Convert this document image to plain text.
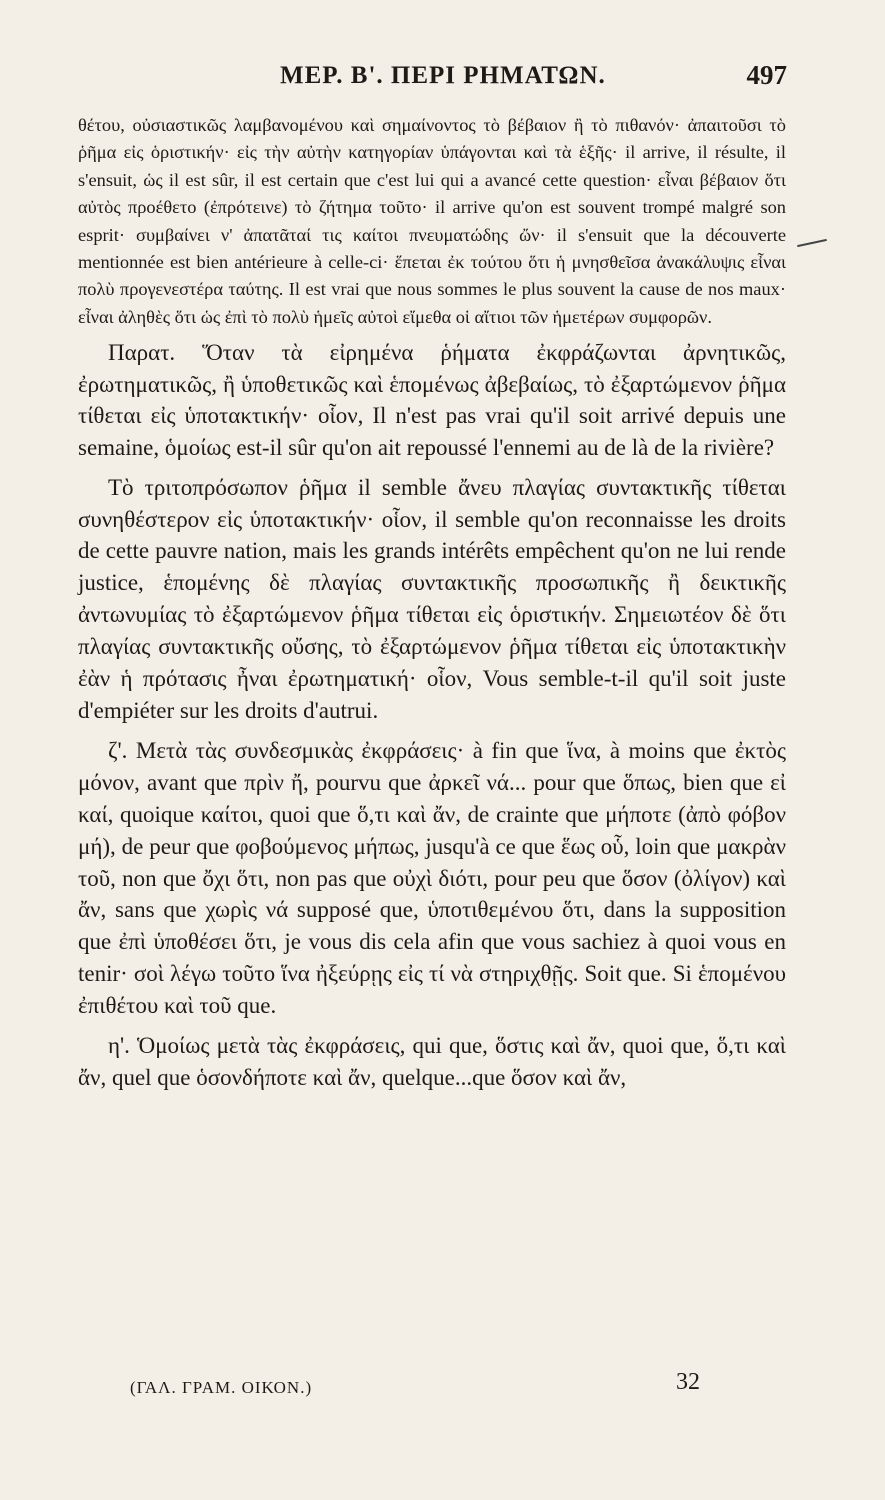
ΜΕΡ. Β'. ΠΕΡΙ ΡΗΜΑΤΩΝ.	497

θέτου, οὐσιαστικῶς λαμβανομένου καὶ σημαίνοντος τὸ βέβαιον ἢ τὸ πιθανόν· ἀπαιτοῦσι τὸ ῥῆμα εἰς ὁριστικήν· εἰς τὴν αὐτὴν κατηγορίαν ὑπάγονται καὶ τὰ ἑξῆς· il arrive, il résulte, il s'ensuit, ὡς il est sûr, il est certain que c'est lui qui a avancé cette question· εἶναι βέβαιον ὅτι αὐτὸς προέθετο (ἐπρότεινε) τὸ ζήτημα τοῦτο· il arrive qu'on est souvent trompé malgré son esprit· συμβαίνει ν' ἀπατᾶταί τις καίτοι πνευματώδης ὤν· il s'ensuit que la découverte mentionnée est bien antérieure à celle-ci· ἕπεται ἐκ τούτου ὅτι ἡ μνησθεῖσα ἀνακάλυψις εἶναι πολὺ προγενεστέρα ταύτης. Il est vrai que nous sommes le plus souvent la cause de nos maux· εἶναι ἀληθὲς ὅτι ὡς ἐπὶ τὸ πολὺ ἡμεῖς αὐτοὶ εἴμεθα οἱ αἴτιοι τῶν ἡμετέρων συμφορῶν.

Παρατ. Ὅταν τὰ εἰρημένα ῥήματα ἐκφράζωνται ἀρνητικῶς, ἐρωτηματικῶς, ἢ ὑποθετικῶς καὶ ἑπομένως ἀβεβαίως, τὸ ἐξαρτώμενον ῥῆμα τίθεται εἰς ὑποτακτικήν· οἷον, Il n'est pas vrai qu'il soit arrivé depuis une semaine, ὁμοίως est-il sûr qu'on ait repoussé l'ennemi au de là de la rivière?

Τὸ τριτοπρόσωπον ῥῆμα il semble ἄνευ πλαγίας συντακτικῆς τίθεται συνηθέστερον εἰς ὑποτακτικήν· οἷον, il semble qu'on reconnaisse les droits de cette pauvre nation, mais les grands intérêts empêchent qu'on ne lui rende justice, ἑπομένης δὲ πλαγίας συντακτικῆς προσωπικῆς ἢ δεικτικῆς ἀντωνυμίας τὸ ἐξαρτώμενον ῥῆμα τίθεται εἰς ὁριστικήν. Σημειωτέον δὲ ὅτι πλαγίας συντακτικῆς οὔσης, τὸ ἐξαρτώμενον ῥῆμα τίθεται εἰς ὑποτακτικὴν ἐὰν ἡ πρότασις ἦναι ἐρωτηματική· οἷον, Vous semble-t-il qu'il soit juste d'empiéter sur les droits d'autrui.

ζ'. Μετὰ τὰς συνδεσμικὰς ἐκφράσεις· à fin que ἵνα, à moins que ἐκτὸς μόνον, avant que πρὶν ἤ, pourvu que ἀρκεῖ νά... pour que ὅπως, bien que εἰ καί, quoique καίτοι, quoi que ὅ,τι καὶ ἄν, de crainte que μήποτε (ἀπὸ φόβον μή), de peur que φοβούμενος μήπως, jusqu'à ce que ἕως οὗ, loin que μακρὰν τοῦ, non que ὄχι ὅτι, non pas que οὐχὶ διότι, pour peu que ὅσον (ὀλίγον) καὶ ἄν, sans que χωρὶς νά supposé que, ὑποτιθεμένου ὅτι, dans la supposition que ἐπὶ ὑποθέσει ὅτι, je vous dis cela afin que vous sachiez à quoi vous en tenir· σοὶ λέγω τοῦτο ἵνα ἠξεύρῃς εἰς τί νὰ στηριχθῇς. Soit que. Si ἑπομένου ἐπιθέτου καὶ τοῦ que.

η'. Ὁμοίως μετὰ τὰς ἐκφράσεις, qui que, ὅστις καὶ ἄν, quoi que, ὅ,τι καὶ ἄν, quel que ὁσονδήποτε καὶ ἄν, quelque...que ὅσον καὶ ἄν,

(ΓΑΛ. ΓΡΑΜ. ΟΙΚΟΝ.)	32
